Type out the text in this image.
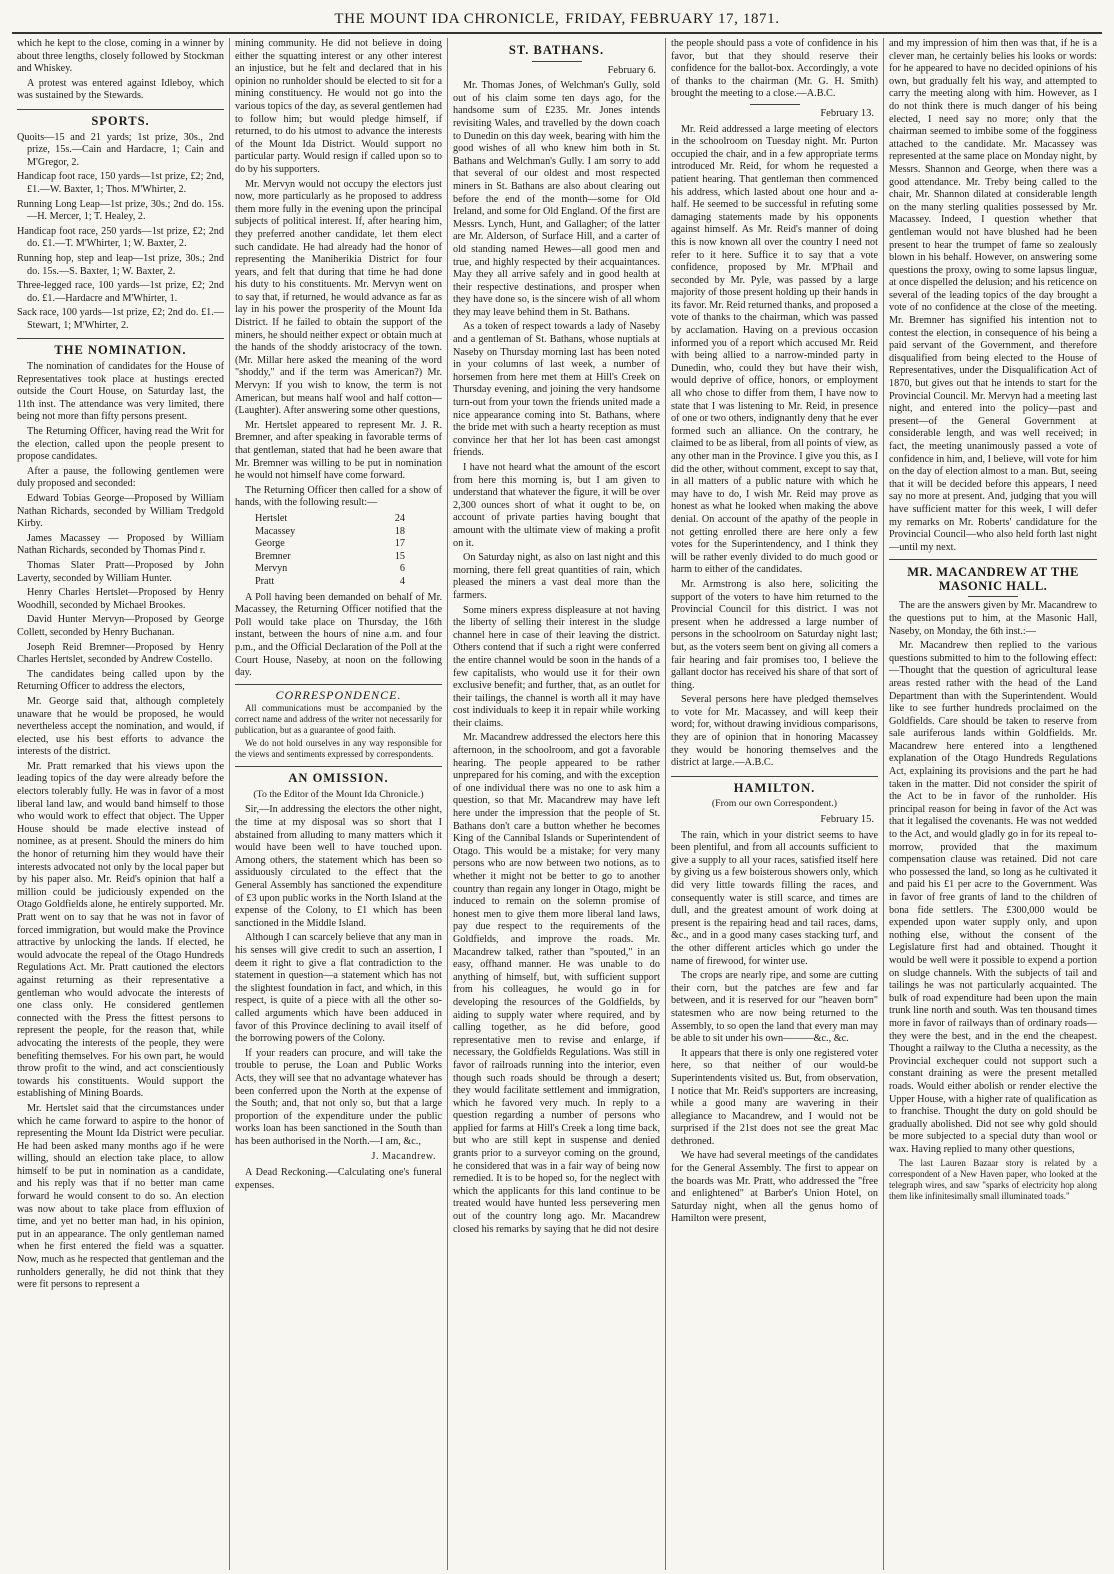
THE MOUNT IDA CHRONICLE, FRIDAY, FEBRUARY 17, 1871.

which he kept to the close, coming in a winner by about three lengths, closely followed by Stockman and Whiskey.

A protest was entered against Idleboy, which was sustained by the Stewards.

SPORTS.

Quoits—15 and 21 yards; 1st prize, 30s., 2nd prize, 15s.—Cain and Hardacre, 1; Cain and M'Gregor, 2.

Handicap foot race, 150 yards—1st prize, £2; 2nd, £1.—W. Baxter, 1; Thos. M'Whirter, 2.

Running Long Leap—1st prize, 30s.; 2nd do. 15s.—H. Mercer, 1; T. Healey, 2.

Handicap foot race, 250 yards—1st prize, £2; 2nd do. £1.—T. M'Whirter, 1; W. Baxter, 2.

Running hop, step and leap—1st prize, 30s.; 2nd do. 15s.—S. Baxter, 1; W. Baxter, 2.

Three-legged race, 100 yards—1st prize, £2; 2nd do. £1.—Hardacre and M'Whirter, 1.

Sack race, 100 yards—1st prize, £2; 2nd do. £1.—Stewart, 1; M'Whirter, 2.

THE NOMINATION.

The nomination of candidates for the House of Representatives took place at hustings erected outside the Court House, on Saturday last, the 11th inst. The attendance was very limited, there being not more than fifty persons present.

The Returning Officer, having read the Writ for the election, called upon the people present to propose candidates.

After a pause, the following gentlemen were duly proposed and seconded:

Edward Tobias George—Proposed by William Nathan Richards, seconded by William Tredgold Kirby.

James Macassey — Proposed by William Nathan Richards, seconded by Thomas Pind r.

Thomas Slater Pratt—Proposed by John Laverty, seconded by William Hunter.

Henry Charles Hertslet—Proposed by Henry Woodhill, seconded by Michael Brookes.

David Hunter Mervyn—Proposed by George Collett, seconded by Henry Buchanan.

Joseph Reid Bremner—Proposed by Henry Charles Hertslet, seconded by Andrew Costello.

The candidates being called upon by the Returning Officer to address the electors,

Mr. George said that, although completely unaware that he would be proposed, he would nevertheless accept the nomination, and would, if elected, use his best efforts to advance the interests of the district.

Mr. Pratt remarked that his views upon the leading topics of the day were already before the electors tolerably fully. He was in favor of a most liberal land law, and would band himself to those who would work to effect that object. The Upper House should be made elective instead of nominee, as at present. Should the miners do him the honor of returning him they would have their interests advocated not only by the local paper but by his paper also. Mr. Reid's opinion that half a million could be judiciously expended on the Otago Goldfields alone, he entirely supported. Mr. Pratt went on to say that he was not in favor of forced immigration, but would make the Province attractive by unlocking the lands. If elected, he would advocate the repeal of the Otago Hundreds Regulations Act. Mr. Pratt cautioned the electors against returning as their representative a gentleman who would advocate the interests of one class only. He considered gentlemen connected with the Press the fittest persons to represent the people, for the reason that, while advocating the interests of the people, they were benefiting themselves. For his own part, he would throw profit to the wind, and act conscientiously towards his constituents. Would support the establishing of Mining Boards.

Mr. Hertslet said that the circumstances under which he came forward to aspire to the honor of representing the Mount Ida District were peculiar. He had been asked many months ago if he were willing, should an election take place, to allow himself to be put in nomination as a candidate, and his reply was that if no better man came forward he would consent to do so. An election was now about to take place from effluxion of time, and yet no better man had, in his opinion, put in an appearance. The only gentleman named when he first entered the field was a squatter. Now, much as he respected that gentleman and the runholders generally, he did not think that they were fit persons to represent a

mining community. He did not believe in doing either the squatting interest or any other interest an injustice, but he felt and declared that in his opinion no runholder should be elected to sit for a mining constituency. He would not go into the various topics of the day, as several gentlemen had to follow him; but would pledge himself, if returned, to do his utmost to advance the interests of the Mount Ida District. Would support no particular party. Would resign if called upon so to do by his supporters.

Mr. Mervyn would not occupy the electors just now, more particularly as he proposed to address them more fully in the evening upon the principal subjects of political interest. If, after hearing him, they preferred another candidate, let them elect such candidate. He had already had the honor of representing the Maniherikia District for four years, and felt that during that time he had done his duty to his constituents. Mr. Mervyn went on to say that, if returned, he would advance as far as lay in his power the prosperity of the Mount Ida District. If he failed to obtain the support of the miners, he should neither expect or obtain much at the hands of the shoddy aristocracy of the town. (Mr. Millar here asked the meaning of the word "shoddy," and if the term was American?) Mr. Mervyn: If you wish to know, the term is not American, but means half wool and half cotton—(Laughter). After answering some other questions,

Mr. Hertslet appeared to represent Mr. J. R. Bremner, and after speaking in favorable terms of that gentleman, stated that had he been aware that Mr. Bremner was willing to be put in nomination he would not himself have come forward.

The Returning Officer then called for a show of hands, with the following result:—

Hertslet	24
Macassey	18
George	17
Bremner	15
Mervyn	6
Pratt	4

A Poll having been demanded on behalf of Mr. Macassey, the Returning Officer notified that the Poll would take place on Thursday, the 16th instant, between the hours of nine a.m. and four p.m., and the Official Declaration of the Poll at the Court House, Naseby, at noon on the following day.

CORRESPONDENCE.

All communications must be accompanied by the correct name and address of the writer not necessarily for publication, but as a guarantee of good faith.

We do not hold ourselves in any way responsible for the views and sentiments expressed by correspondents.

AN OMISSION.
(To the Editor of the Mount Ida Chronicle.)

Sir,—In addressing the electors the other night, the time at my disposal was so short that I abstained from alluding to many matters which it would have been well to have touched upon. Among others, the statement which has been so assiduously circulated to the effect that the General Assembly has sanctioned the expenditure of £3 upon public works in the North Island at the expense of the Colony, to £1 which has been sanctioned in the Middle Island.

Although I can scarcely believe that any man in his senses will give credit to such an assertion, I deem it right to give a flat contradiction to the statement in question—a statement which has not the slightest foundation in fact, and which, in this respect, is quite of a piece with all the other so-called arguments which have been adduced in favor of this Province declining to avail itself of the borrowing powers of the Colony.

If your readers can procure, and will take the trouble to peruse, the Loan and Public Works Acts, they will see that no advantage whatever has been conferred upon the North at the expense of the South; and, that not only so, but that a large proportion of the expenditure under the public works loan has been sanctioned in the South than has been authorised in the North.—I am, &c.,

J. Macandrew.

A Dead Reckoning.—Calculating one's funeral expenses.

ST. BATHANS.
February 6.

Mr. Thomas Jones, of Welchman's Gully, sold out of his claim some ten days ago, for the handsome sum of £235. Mr. Jones intends revisiting Wales, and travelled by the down coach to Dunedin on this day week, bearing with him the good wishes of all who knew him both in St. Bathans and Welchman's Gully. I am sorry to add that several of our oldest and most respected miners in St. Bathans are also about clearing out before the end of the month—some for Old Ireland, and some for Old England. Of the first are Messrs. Lynch, Hunt, and Gallagher; of the latter are Mr. Alderson, of Surface Hill, and a carter of old standing named Hewes—all good men and true, and highly respected by their acquaintances. May they all arrive safely and in good health at their respective destinations, and prosper when they have done so, is the sincere wish of all whom they may leave behind them in St. Bathans.

As a token of respect towards a lady of Naseby and a gentleman of St. Bathans, whose nuptials at Naseby on Thursday morning last has been noted in your columns of last week, a number of horsemen from here met them at Hill's Creek on Thursday evening, and joining the very handsome turn-out from your town the friends united made a nice appearance coming into St. Bathans, where the bride met with such a hearty reception as must convince her that her lot has been cast amongst friends.

I have not heard what the amount of the escort from here this morning is, but I am given to understand that whatever the figure, it will be over 2,300 ounces short of what it ought to be, on account of private parties having bought that amount with the ultimate view of making a profit on it.

On Saturday night, as also on last night and this morning, there fell great quantities of rain, which pleased the miners a vast deal more than the farmers.

Some miners express displeasure at not having the liberty of selling their interest in the sludge channel here in case of their leaving the district. Others contend that if such a right were conferred the entire channel would be soon in the hands of a few capitalists, who would use it for their own exclusive benefit; and further, that, as an outlet for their tailings, the channel is worth all it may have cost individuals to keep it in repair while working their claims.

Mr. Macandrew addressed the electors here this afternoon, in the schoolroom, and got a favorable hearing. The people appeared to be rather unprepared for his coming, and with the exception of one individual there was no one to ask him a question, so that Mr. Macandrew may have left here under the impression that the people of St. Bathans don't care a button whether he becomes King of the Cannibal Islands or Superintendent of Otago. This would be a mistake; for very many persons who are now between two notions, as to whether it might not be better to go to another country than regain any longer in Otago, might be induced to remain on the solemn promise of honest men to give them more liberal land laws, pay due respect to the requirements of the Goldfields, and improve the roads. Mr. Macandrew talked, rather than "spouted," in an easy, offhand manner. He was unable to do anything of himself, but, with sufficient support from his colleagues, he would go in for developing the resources of the Goldfields, by aiding to supply water where required, and by calling together, as he did before, good representative men to revise and enlarge, if necessary, the Goldfields Regulations. Was still in favor of railroads running into the interior, even though such roads should be through a desert; they would facilitate settlement and immigration, which he favored very much. In reply to a question regarding a number of persons who applied for farms at Hill's Creek a long time back, but who are still kept in suspense and denied grants prior to a surveyor coming on the ground, he considered that was in a fair way of being now remedied. It is to be hoped so, for the neglect with which the applicants for this land continue to be treated would have hunted less persevering men out of the country long ago. Mr. Macandrew closed his remarks by saying that he did not desire

the people should pass a vote of confidence in his favor, but that they should reserve their confidence for the ballot-box. Accordingly, a vote of thanks to the chairman (Mr. G. H. Smith) brought the meeting to a close.—A.B.C.

February 13.

Mr. Reid addressed a large meeting of electors in the schoolroom on Tuesday night. Mr. Purton occupied the chair, and in a few appropriate terms introduced Mr. Reid, for whom he requested a patient hearing. That gentleman then commenced his address, which lasted about one hour and a-half. He seemed to be successful in refuting some damaging statements made by his opponents against himself. As Mr. Reid's manner of doing this is now known all over the country I need not refer to it here. Suffice it to say that a vote confidence, proposed by Mr. M'Phail and seconded by Mr. Pyle, was passed by a large majority of those present holding up their hands in its favor. Mr. Reid returned thanks, and proposed a vote of thanks to the chairman, which was passed by acclamation. Having on a previous occasion informed you of a report which accused Mr. Reid with being allied to a narrow-minded party in Dunedin, who, could they but have their wish, would deprive of office, honors, or employment all who chose to differ from them, I have now to state that I was listening to Mr. Reid, in presence of one or two others, indignantly deny that he ever formed such an alliance. On the contrary, he claimed to be as liberal, from all points of view, as any other man in the Province. I give you this, as I did the other, without comment, except to say that, in all matters of a public nature with which he may have to do, I wish Mr. Reid may prove as honest as what he looked when making the above denial. On account of the apathy of the people in not getting enrolled there are here only a few votes for the Superintendency, and I think they will be rather evenly divided to do much good or harm to either of the candidates.

Mr. Armstrong is also here, soliciting the support of the voters to have him returned to the Provincial Council for this district. I was not present when he addressed a large number of persons in the schoolroom on Saturday night last; but, as the voters seem bent on giving all comers a fair hearing and fair promises too, I believe the gallant doctor has received his share of that sort of thing.

Several persons here have pledged themselves to vote for Mr. Macassey, and will keep their word; for, without drawing invidious comparisons, they are of opinion that in honoring Macassey they would be honoring themselves and the district at large.—A.B.C.

HAMILTON.
(From our own Correspondent.)
February 15.

The rain, which in your district seems to have been plentiful, and from all accounts sufficient to give a supply to all your races, satisfied itself here by giving us a few boisterous showers only, which did very little towards filling the races, and consequently water is still scarce, and times are dull, and the greatest amount of work doing at present is the repairing head and tail races, dams, &c., and in a good many cases stacking turf, and the other different articles which go under the name of firewood, for winter use.

The crops are nearly ripe, and some are cutting their corn, but the patches are few and far between, and it is reserved for our "heaven born" statesmen who are now being returned to the Assembly, to so open the land that every man may be able to sit under his own———&c., &c.

It appears that there is only one registered voter here, so that neither of our would-be Superintendents visited us. But, from observation, I notice that Mr. Reid's supporters are increasing, while a good many are wavering in their allegiance to Macandrew, and I would not be surprised if the 21st does not see the great Mac dethroned.

We have had several meetings of the candidates for the General Assembly. The first to appear on the boards was Mr. Pratt, who addressed the "free and enlightened" at Barber's Union Hotel, on Saturday night, when all the genus homo of Hamilton were present,

and my impression of him then was that, if he is a clever man, he certainly belies his looks or words: for he appeared to have no decided opinions of his own, but gradually felt his way, and attempted to carry the meeting along with him. However, as I do not think there is much danger of his being elected, I need say no more; only that the chairman seemed to imbibe some of the fogginess attached to the candidate. Mr. Macassey was represented at the same place on Monday night, by Messrs. Shannon and George, when there was a good attendance. Mr. Treby being called to the chair, Mr. Shannon dilated at considerable length on the many sterling qualities possessed by Mr. Macassey. Indeed, I question whether that gentleman would not have blushed had he been present to hear the trumpet of fame so zealously blown in his behalf. However, on answering some questions the proxy, owing to some lapsus linguæ, at once dispelled the delusion; and his reticence on several of the leading topics of the day brought a vote of no confidence at the close of the meeting. Mr. Bremner has signified his intention not to contest the election, in consequence of his being a paid servant of the Government, and therefore disqualified from being elected to the House of Representatives, under the Disqualification Act of 1870, but gives out that he intends to start for the Provincial Council. Mr. Mervyn had a meeting last night, and entered into the policy—past and present—of the General Government at considerable length, and was well received; in fact, the meeting unanimously passed a vote of confidence in him, and, I believe, will vote for him on the day of election almost to a man. But, seeing that it will be decided before this appears, I need say no more at present. And, judging that you will have sufficient matter for this week, I will defer my remarks on Mr. Roberts' candidature for the Provincial Council—who also held forth last night—until my next.

MR. MACANDREW AT THE MASONIC HALL.

The are the answers given by Mr. Macandrew to the questions put to him, at the Masonic Hall, Naseby, on Monday, the 6th inst.:—

Mr. Macandrew then replied to the various questions submitted to him to the following effect:—Thought that the question of agricultural lease areas rested rather with the head of the Land Department than with the Superintendent. Would like to see further hundreds proclaimed on the Goldfields. Care should be taken to reserve from sale auriferous lands within Goldfields. Mr. Macandrew here entered into a lengthened explanation of the Otago Hundreds Regulations Act, explaining its provisions and the part he had taken in the matter. Did not consider the spirit of the Act to be in favor of the runholder. His principal reason for being in favor of the Act was that it legalised the covenants. He was not wedded to the Act, and would gladly go in for its repeal to-morrow, provided that the maximum compensation clause was retained. Did not care who possessed the land, so long as he cultivated it and paid his £1 per acre to the Government. Was in favor of free grants of land to the children of bona fide settlers. The £300,000 would be expended upon water supply only, and upon nothing else, without the consent of the Legislature first had and obtained. Thought it would be well were it possible to expend a portion on sludge channels. With the subjects of tail and tailings he was not particularly acquainted. The bulk of road expenditure had been upon the main trunk line north and south. Was ten thousand times more in favor of railways than of ordinary roads—they were the best, and in the end the cheapest. Thought a railway to the Clutha a necessity, as the Provincial exchequer could not support such a constant draining as were the present metalled roads. Would either abolish or render elective the Upper House, with a higher rate of qualification as to franchise. Thought the duty on gold should be gradually abolished. Did not see why gold should be more subjected to a special duty than wool or wax. Having replied to many other questions,

The last Lauren Bazaar story is related by a correspondent of a New Haven paper, who looked at the telegraph wires, and saw "sparks of electricity hop along them like infinitesimally small illuminated toads."
